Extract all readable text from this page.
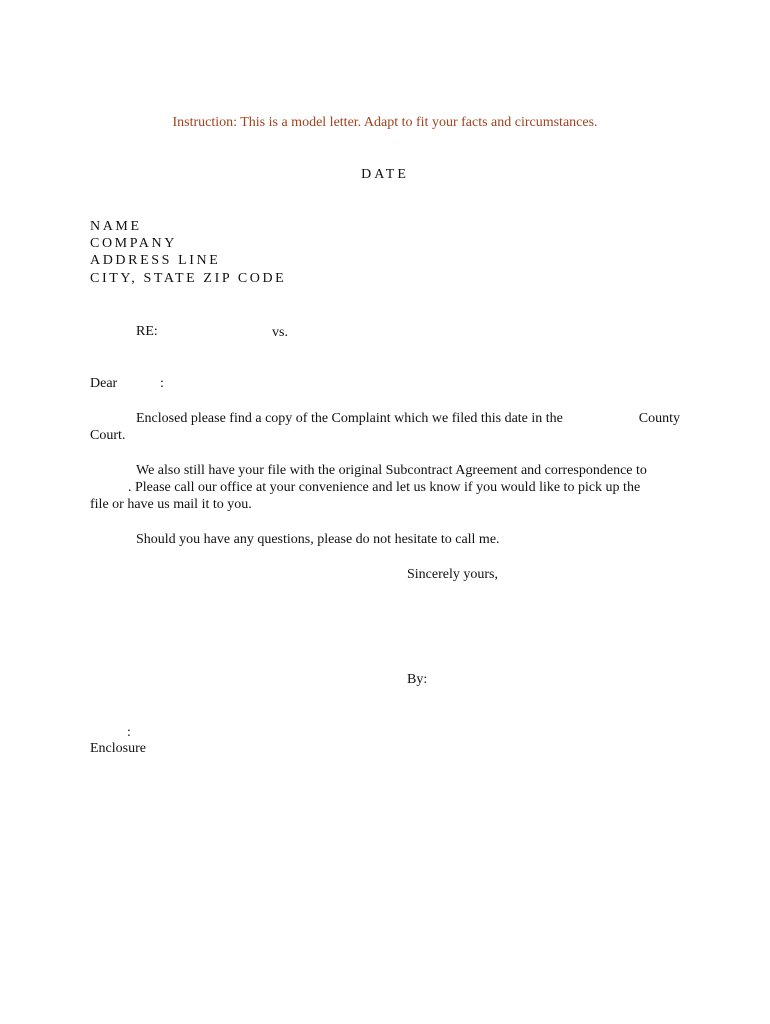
Instruction: This is a model letter. Adapt to fit your facts and circumstances.
DATE
NAME
COMPANY
ADDRESS LINE
CITY, STATE ZIP CODE
RE:	vs.
Dear	:
Enclosed please find a copy of the Complaint which we filed this date in the	County
Court.
We also still have your file with the original Subcontract Agreement and correspondence to
. Please call our office at your convenience and let us know if you would like to pick up the
file or have us mail it to you.
Should you have any questions, please do not hesitate to call me.
Sincerely yours,
By:
:
Enclosure
